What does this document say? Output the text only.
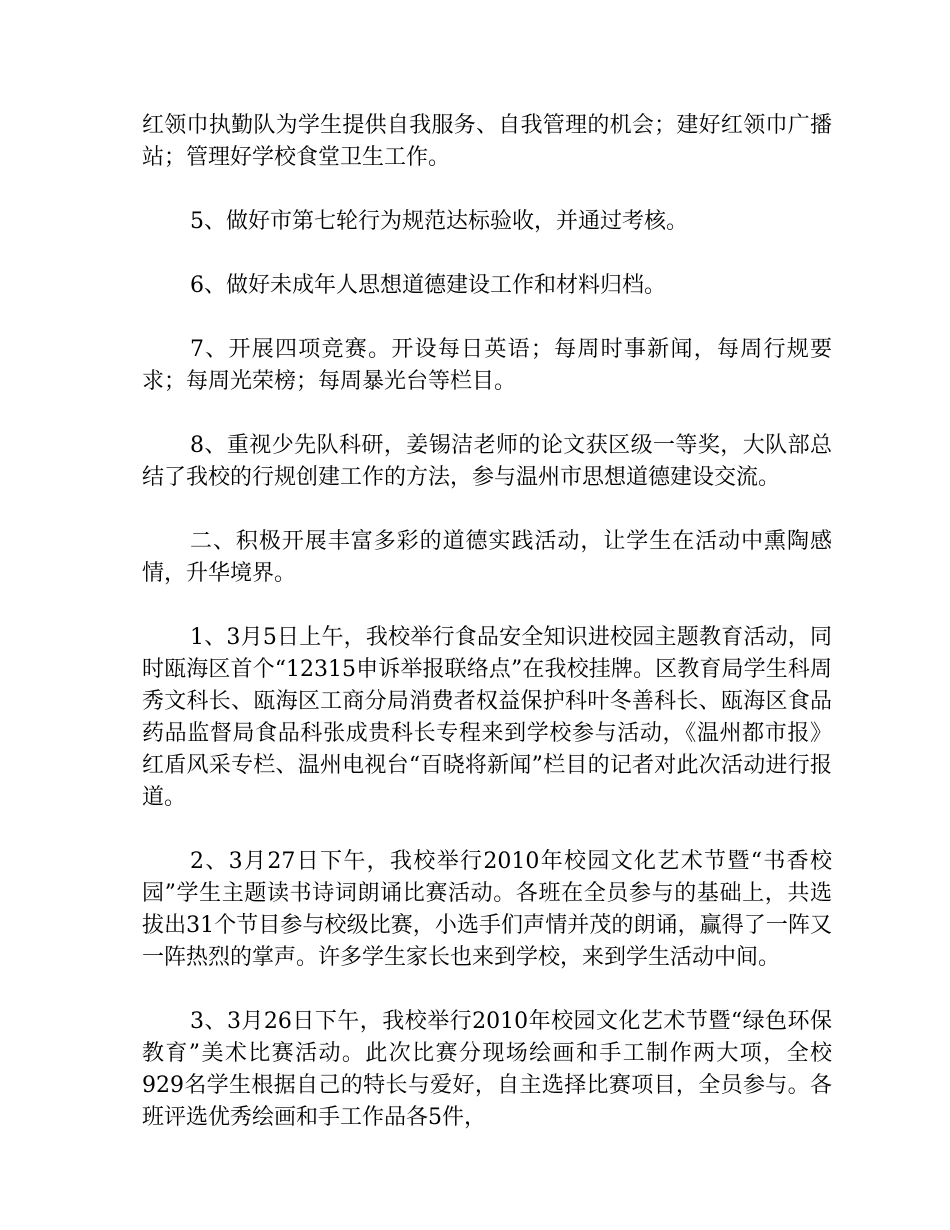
红领巾执勤队为学生提供自我服务、自我管理的机会；建好红领巾广播站；管理好学校食堂卫生工作。

5、做好市第七轮行为规范达标验收，并通过考核。

6、做好未成年人思想道德建设工作和材料归档。

7、开展四项竞赛。开设每日英语；每周时事新闻，每周行规要求；每周光荣榜；每周暴光台等栏目。

8、重视少先队科研，姜锡洁老师的论文获区级一等奖，大队部总结了我校的行规创建工作的方法，参与温州市思想道德建设交流。

二、积极开展丰富多彩的道德实践活动，让学生在活动中熏陶感情，升华境界。

1、3月5日上午，我校举行食品安全知识进校园主题教育活动，同时瓯海区首个“12315申诉举报联络点”在我校挂牌。区教育局学生科周秀文科长、瓯海区工商分局消费者权益保护科叶冬善科长、瓯海区食品药品监督局食品科张成贵科长专程来到学校参与活动，《温州都市报》红盾风采专栏、温州电视台“百晓将新闻”栏目的记者对此次活动进行报道。

2、3月27日下午，我校举行2010年校园文化艺术节暨“书香校园”学生主题读书诗词朗诵比赛活动。各班在全员参与的基础上，共选拔出31个节目参与校级比赛，小选手们声情并茂的朗诵，赢得了一阵又一阵热烈的掌声。许多学生家长也来到学校，来到学生活动中间。

3、3月26日下午，我校举行2010年校园文化艺术节暨“绿色环保教育”美术比赛活动。此次比赛分现场绘画和手工制作两大项，全校929名学生根据自己的特长与爱好，自主选择比赛项目，全员参与。各班评选优秀绘画和手工作品各5件，
